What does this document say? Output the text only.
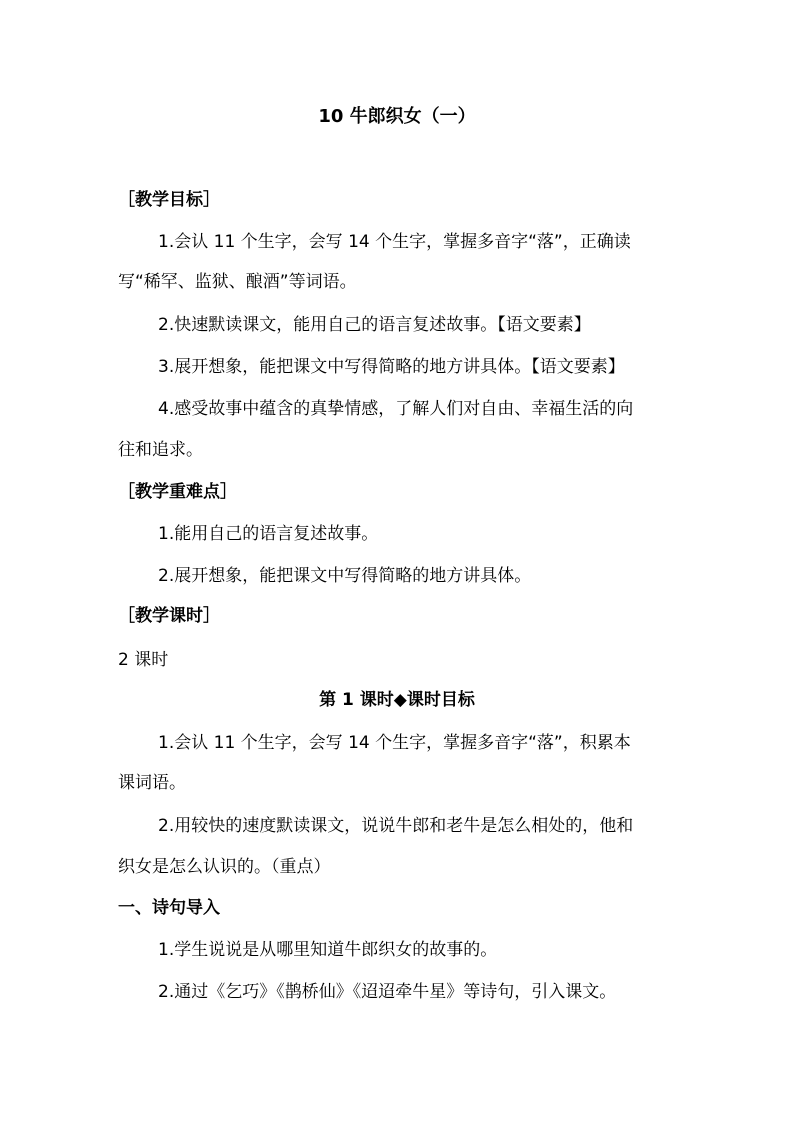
10 牛郎织女（一）
［教学目标］
1.会认 11 个生字，会写 14 个生字，掌握多音字“落”，正确读
写“稀罕、监狱、酿酒”等词语。
2.快速默读课文，能用自己的语言复述故事。【语文要素】
3.展开想象，能把课文中写得简略的地方讲具体。【语文要素】
4.感受故事中蕴含的真挚情感，了解人们对自由、幸福生活的向
往和追求。
［教学重难点］
1.能用自己的语言复述故事。
2.展开想象，能把课文中写得简略的地方讲具体。
［教学课时］
2 课时
第 1 课时◆课时目标
1.会认 11 个生字，会写 14 个生字，掌握多音字“落”，积累本
课词语。
2.用较快的速度默读课文，说说牛郎和老牛是怎么相处的，他和
织女是怎么认识的。（重点）
一、诗句导入
1.学生说说是从哪里知道牛郎织女的故事的。
2.通过《乞巧》《鹊桥仙》《迢迢牵牛星》等诗句，引入课文。
